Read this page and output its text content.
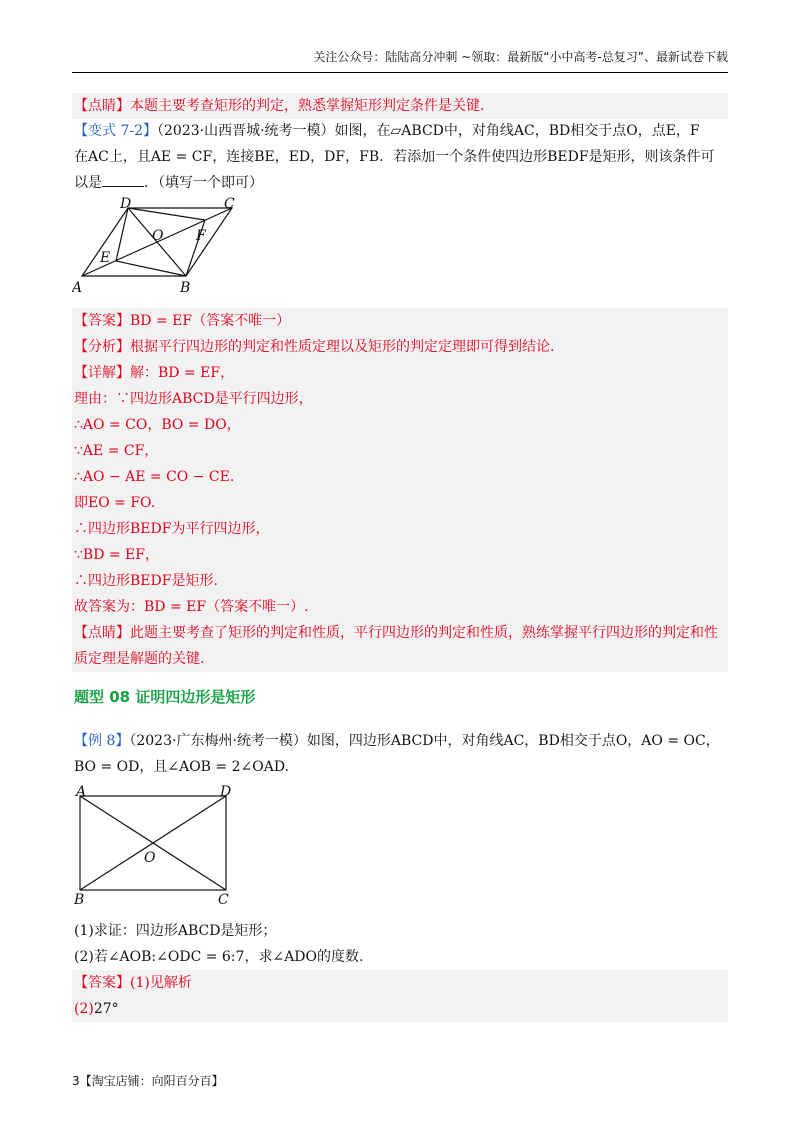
关注公众号：陆陆高分冲刺 ~领取：最新版“小中高考-总复习”、最新试卷下载
【点睛】本题主要考查矩形的判定，熟悉掌握矩形判定条件是关键.
【变式 7-2】（2023·山西晋城·统考一模）如图，在▱ABCD中，对角线AC，BD相交于点O，点E，F
在AC上，且AE = CF，连接BE，ED，DF，FB．若添加一个条件使四边形BEDF是矩形，则该条件可
以是	．（填写一个即可）
A	B
C
D
E
F
O
【答案】BD = EF（答案不唯一）
【分析】根据平行四边形的判定和性质定理以及矩形的判定定理即可得到结论.
【详解】解：BD = EF，
理由：∵四边形ABCD是平行四边形，
∴AO = CO，BO = DO，
∵AE = CF，
∴AO − AE = CO − CE.
即EO = FO.
∴四边形BEDF为平行四边形，
∵BD = EF，
∴四边形BEDF是矩形.
故答案为：BD = EF（答案不唯一）.
【点睛】此题主要考查了矩形的判定和性质，平行四边形的判定和性质，熟练掌握平行四边形的判定和性
质定理是解题的关键.
题型 08 证明四边形是矩形
【例 8】（2023·广东梅州·统考一模）如图，四边形ABCD中，对角线AC，BD相交于点O，AO = OC，
BO = OD，且∠AOB = 2∠OAD.
A	D
B	C
O
(1)求证：四边形ABCD是矩形；
(2)若∠AOB:∠ODC = 6:7，求∠ADO的度数.
【答案】(1)见解析
(2)27°
3【淘宝店铺：向阳百分百】
